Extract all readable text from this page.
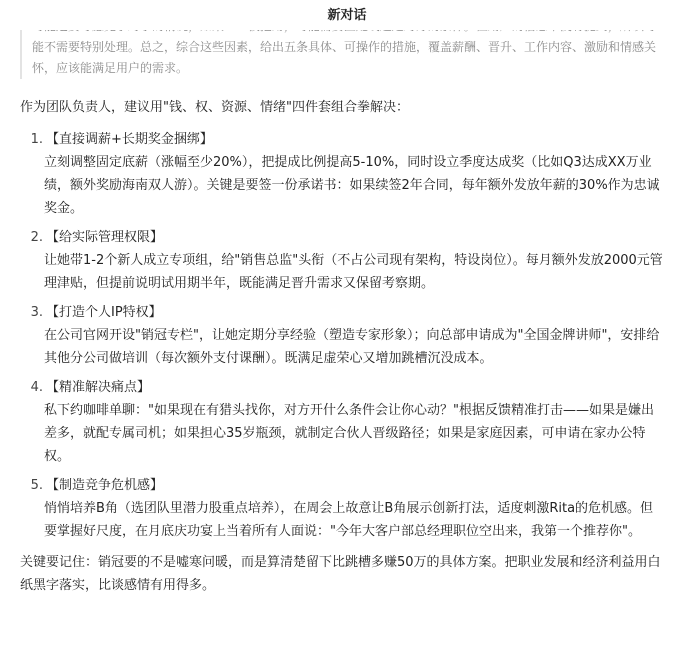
新对话

能不需要特别处理。总之，综合这些因素，给出五条具体、可操作的措施，覆盖薪酬、晋升、工作内容、激励和情感关怀，应该能满足用户的需求。

作为团队负责人，建议用"钱、权、资源、情绪"四件套组合拳解决：

1. 【直接调薪+长期奖金捆绑】
立刻调整固定底薪（涨幅至少20%），把提成比例提高5-10%，同时设立季度达成奖（比如Q3达成XX万业绩，额外奖励海南双人游）。关键是要签一份承诺书：如果续签2年合同，每年额外发放年薪的30%作为忠诚奖金。
2. 【给实际管理权限】
让她带1-2个新人成立专项组，给"销售总监"头衔（不占公司现有架构，特设岗位）。每月额外发放2000元管理津贴，但提前说明试用期半年，既能满足晋升需求又保留考察期。
3. 【打造个人IP特权】
在公司官网开设"销冠专栏"，让她定期分享经验（塑造专家形象）；向总部申请成为"全国金牌讲师"，安排给其他分公司做培训（每次额外支付课酬）。既满足虚荣心又增加跳槽沉没成本。
4. 【精准解决痛点】
私下约咖啡单聊："如果现在有猎头找你，对方开什么条件会让你心动？"根据反馈精准打击——如果是嫌出差多，就配专属司机；如果担心35岁瓶颈，就制定合伙人晋级路径；如果是家庭因素，可申请在家办公特权。
5. 【制造竞争危机感】
悄悄培养B角（选团队里潜力股重点培养），在周会上故意让B角展示创新打法，适度刺激Rita的危机感。但要掌握好尺度，在月底庆功宴上当着所有人面说："今年大客户部总经理职位空出来，我第一个推荐你"。

关键要记住：销冠要的不是嘘寒问暖，而是算清楚留下比跳槽多赚50万的具体方案。把职业发展和经济利益用白纸黑字落实，比谈感情有用得多。
